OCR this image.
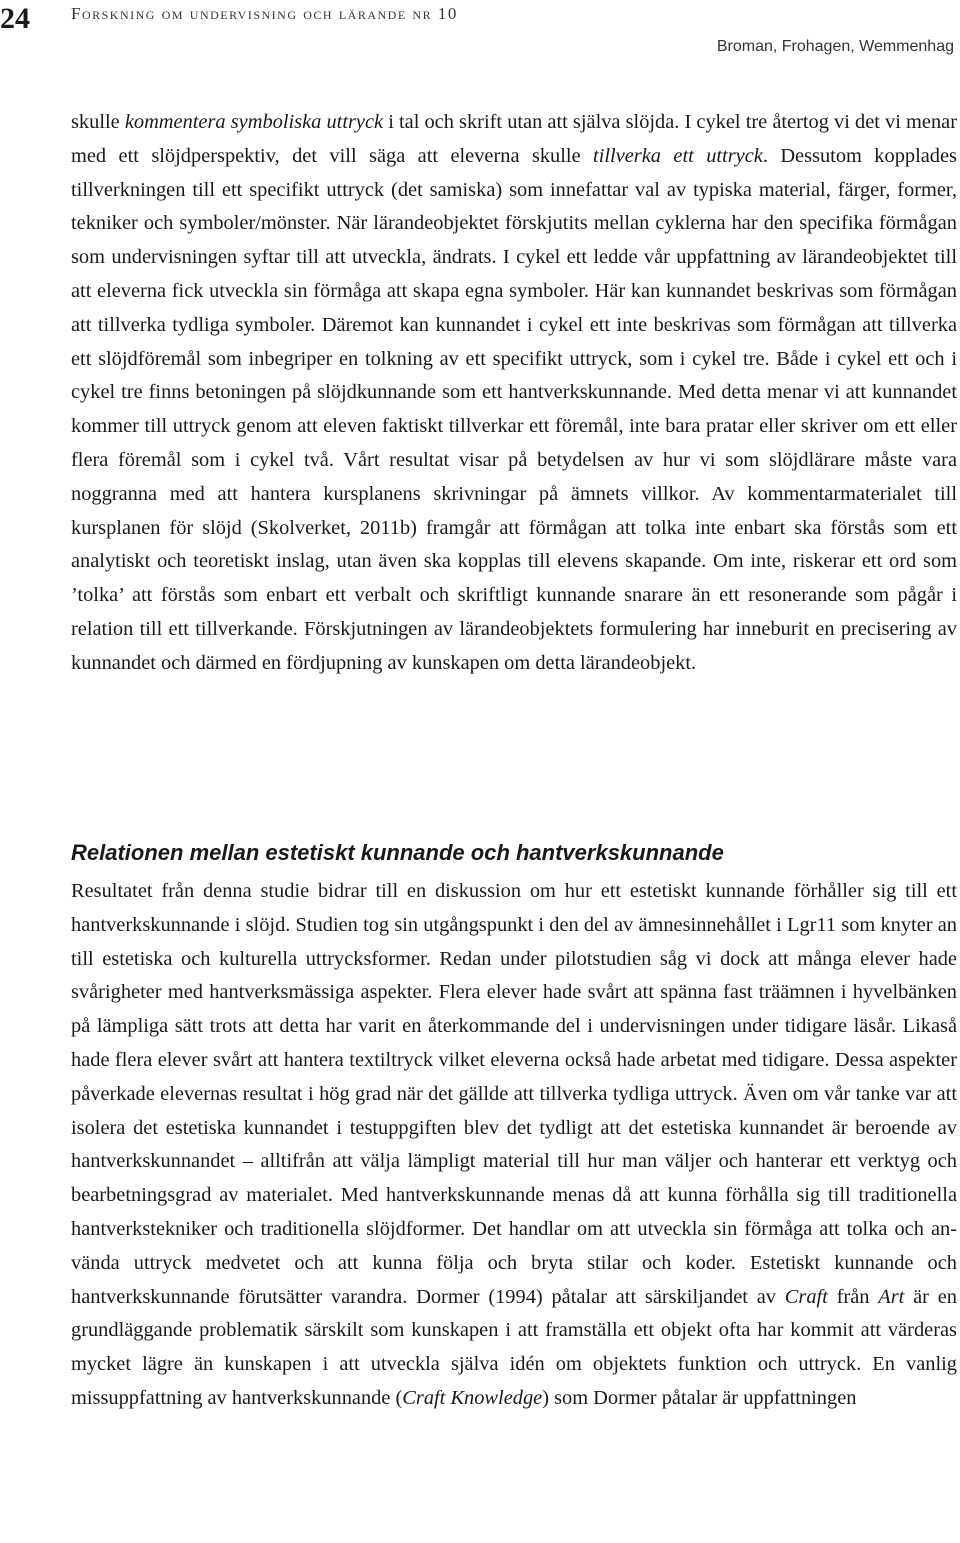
24 Forskning om undervisning och lärande nr 10
Broman, Frohagen, Wemmenhag

skulle kommentera symboliska uttryck i tal och skrift utan att själva slöjda. I cykel tre återtog vi det vi menar med ett slöjdperspektiv, det vill säga att eleverna skulle tillverka ett uttryck. Dessutom kopplades tillverkningen till ett specifikt uttryck (det samiska) som innefattar val av typiska material, färger, former, tekniker och symboler/mönster. När lärandeobjektet förskjutits mellan cyklerna har den specifika förmågan som undervisningen syftar till att utveckla, ändrats. I cykel ett ledde vår uppfattning av lärandeobjektet till att eleverna fick utveckla sin förmåga att skapa egna symboler. Här kan kunnandet beskrivas som förmågan att tillverka tydliga symboler. Däremot kan kunnandet i cykel ett inte beskrivas som förmågan att tillverka ett slöjdföremål som inbegriper en tolkning av ett specifikt uttryck, som i cykel tre. Både i cykel ett och i cykel tre finns betoningen på slöjdkunnande som ett hantverkskunnande. Med detta menar vi att kunnandet kommer till uttryck genom att eleven faktiskt tillverkar ett föremål, inte bara pratar eller skriver om ett eller flera föremål som i cykel två. Vårt resultat visar på betydelsen av hur vi som slöjdlärare måste vara noggranna med att hantera kursplanens skrivningar på ämnets villkor. Av kommentarmaterialet till kursplanen för slöjd (Skolverket, 2011b) framgår att förmågan att tolka inte enbart ska förstås som ett analytiskt och teoretiskt inslag, utan även ska kopplas till elevens skapande. Om inte, riskerar ett ord som ’tolka’ att förstås som enbart ett verbalt och skriftligt kunnande snarare än ett resonerande som pågår i relation till ett tillverkande. Förskjutningen av lärandeobjektets formulering har inneburit en precisering av kunnandet och därmed en fördjupning av kunskapen om detta lärandeobjekt.

Relationen mellan estetiskt kunnande och hantverkskunnande

Resultatet från denna studie bidrar till en diskussion om hur ett estetiskt kunnande förhåller sig till ett hantverkskunnande i slöjd. Studien tog sin utgångspunkt i den del av ämnesinnehållet i Lgr11 som knyter an till estetiska och kulturella uttrycksformer. Redan under pilotstudien såg vi dock att många elever hade svårigheter med hantverksmässiga aspekter. Flera elever hade svårt att spänna fast träämnen i hyvelbänken på lämpliga sätt trots att detta har varit en återkommande del i undervisningen under tidigare läsår. Likaså hade flera elever svårt att hantera textiltryck vilket eleverna också hade arbetat med tidigare. Dessa aspekter påverkade elevernas resultat i hög grad när det gällde att tillverka tydliga uttryck. Även om vår tanke var att isolera det estetiska kunnandet i testuppgiften blev det tydligt att det estetiska kunnandet är beroende av hantverkskunnandet – alltifrån att välja lämpligt material till hur man väljer och hanterar ett verktyg och bearbetningsgrad av materialet. Med hantverkskunnande menas då att kunna förhålla sig till traditionella hantverkstekniker och traditionella slöjdformer. Det handlar om att utveckla sin förmåga att tolka och använda uttryck medvetet och att kunna följa och bryta stilar och koder. Estetiskt kunnande och hantverkskunnande förutsätter varandra. Dormer (1994) påtalar att särskiljandet av Craft från Art är en grundläggande problematik särskilt som kunskapen i att framställa ett objekt ofta har kommit att värderas mycket lägre än kunskapen i att utveckla själva idén om objektets funktion och uttryck. En vanlig missuppfattning av hantverkskunnande (Craft Knowledge) som Dormer påtalar är uppfattningen
